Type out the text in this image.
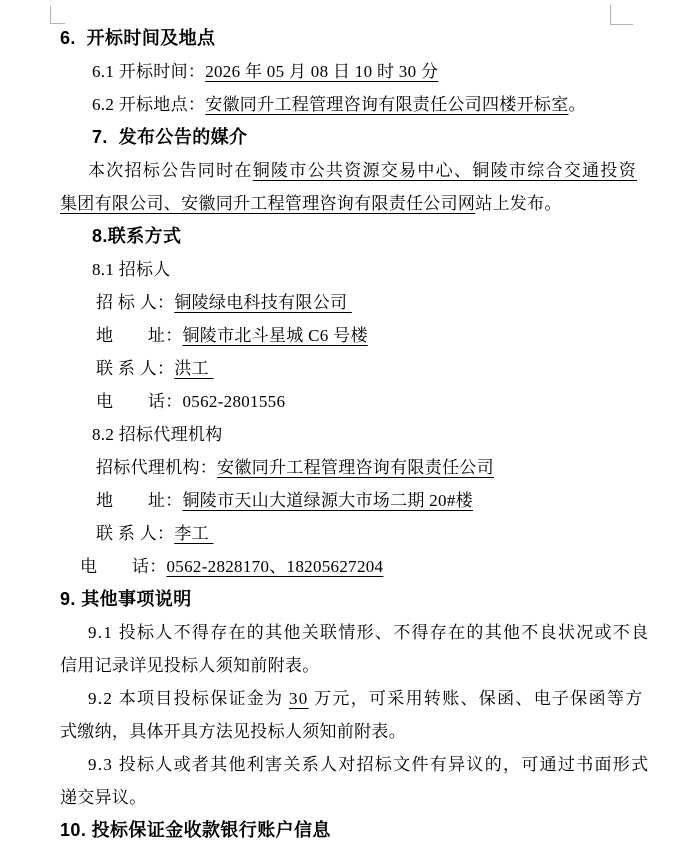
6.  开标时间及地点
6.1 开标时间：2026 年 05 月 08 日 10 时 30 分
6.2 开标地点：安徽同升工程管理咨询有限责任公司四楼开标室。
7.  发布公告的媒介
本次招标公告同时在铜陵市公共资源交易中心、铜陵市综合交通投资
集团有限公司、安徽同升工程管理咨询有限责任公司网站上发布。
8.联系方式
8.1 招标人
招 标 人：铜陵绿电科技有限公司
地　　址：铜陵市北斗星城 C6 号楼
联 系 人：洪工
电　　话：0562-2801556
8.2 招标代理机构
招标代理机构：安徽同升工程管理咨询有限责任公司
地　　址：铜陵市天山大道绿源大市场二期 20#楼
联 系 人：李工
电　　话：0562-2828170、18205627204
9. 其他事项说明
9.1 投标人不得存在的其他关联情形、不得存在的其他不良状况或不良
信用记录详见投标人须知前附表。
9.2 本项目投标保证金为 30 万元，可采用转账、保函、电子保函等方
式缴纳，具体开具方法见投标人须知前附表。
9.3 投标人或者其他利害关系人对招标文件有异议的，可通过书面形式
递交异议。
10. 投标保证金收款银行账户信息
